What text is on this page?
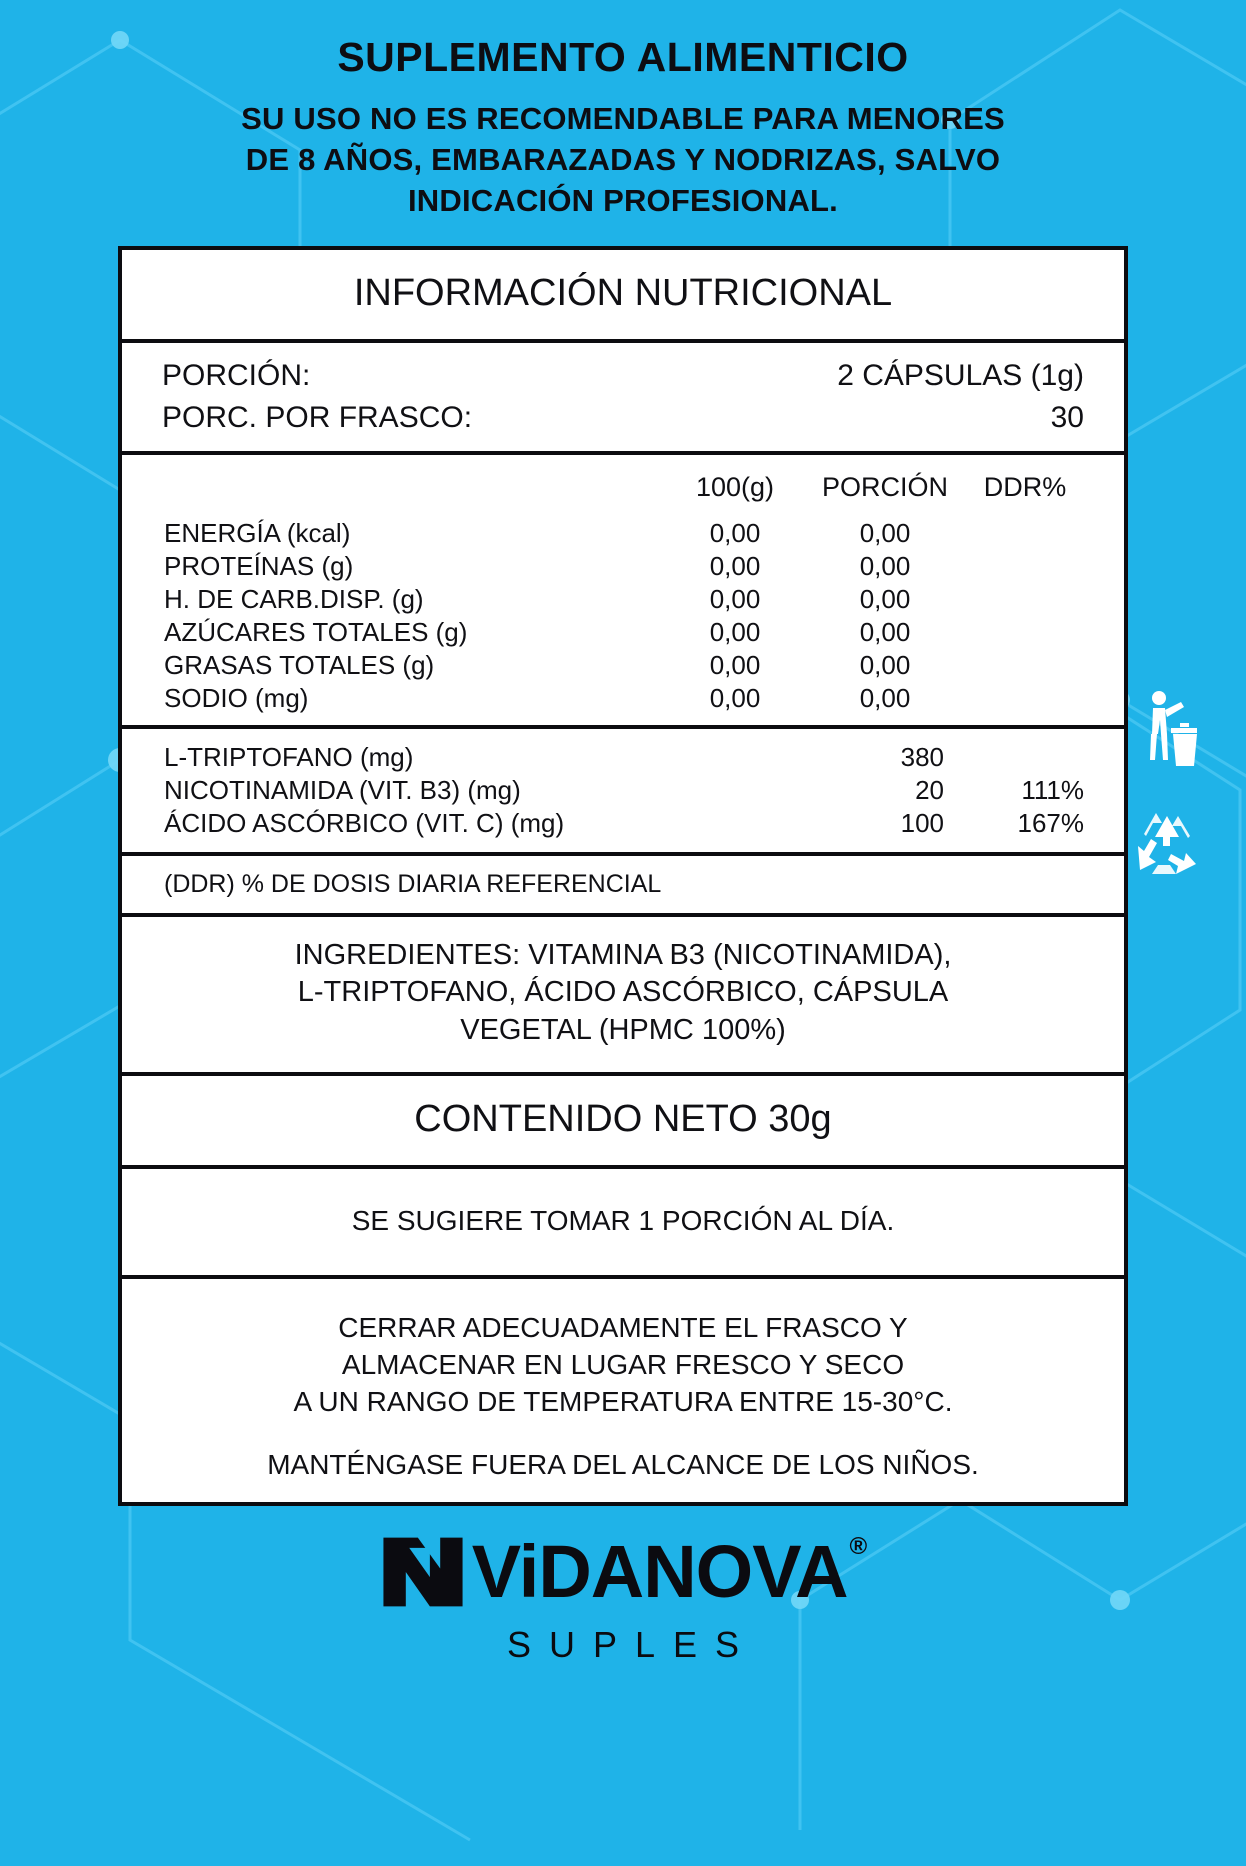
SUPLEMENTO ALIMENTICIO
SU USO NO ES RECOMENDABLE PARA MENORES
DE 8 AÑOS, EMBARAZADAS Y NODRIZAS, SALVO
INDICACIÓN PROFESIONAL.
INFORMACIÓN NUTRICIONAL
PORCIÓN:	2 CÁPSULAS (1g)
PORC. POR FRASCO:	30
	100(g)	PORCIÓN	DDR%
ENERGÍA (kcal)	0,00	0,00	
PROTEÍNAS (g)	0,00	0,00	
H. DE CARB.DISP. (g)	0,00	0,00	
AZÚCARES TOTALES (g)	0,00	0,00	
GRASAS TOTALES (g)	0,00	0,00	
SODIO (mg)	0,00	0,00	
L-TRIPTOFANO (mg)		380	
NICOTINAMIDA (VIT. B3) (mg)		20	111%
ÁCIDO ASCÓRBICO (VIT. C) (mg)		100	167%
(DDR) % DE DOSIS DIARIA REFERENCIAL
INGREDIENTES: VITAMINA B3 (NICOTINAMIDA),
L-TRIPTOFANO, ÁCIDO ASCÓRBICO, CÁPSULA
VEGETAL (HPMC 100%)
CONTENIDO NETO 30g
SE SUGIERE TOMAR 1 PORCIÓN AL DÍA.
CERRAR ADECUADAMENTE EL FRASCO Y
ALMACENAR EN LUGAR FRESCO Y SECO
A UN RANGO DE TEMPERATURA ENTRE 15-30°C.
MANTÉNGASE FUERA DEL ALCANCE DE LOS NIÑOS.
ViDANOVA®
SUPLES
